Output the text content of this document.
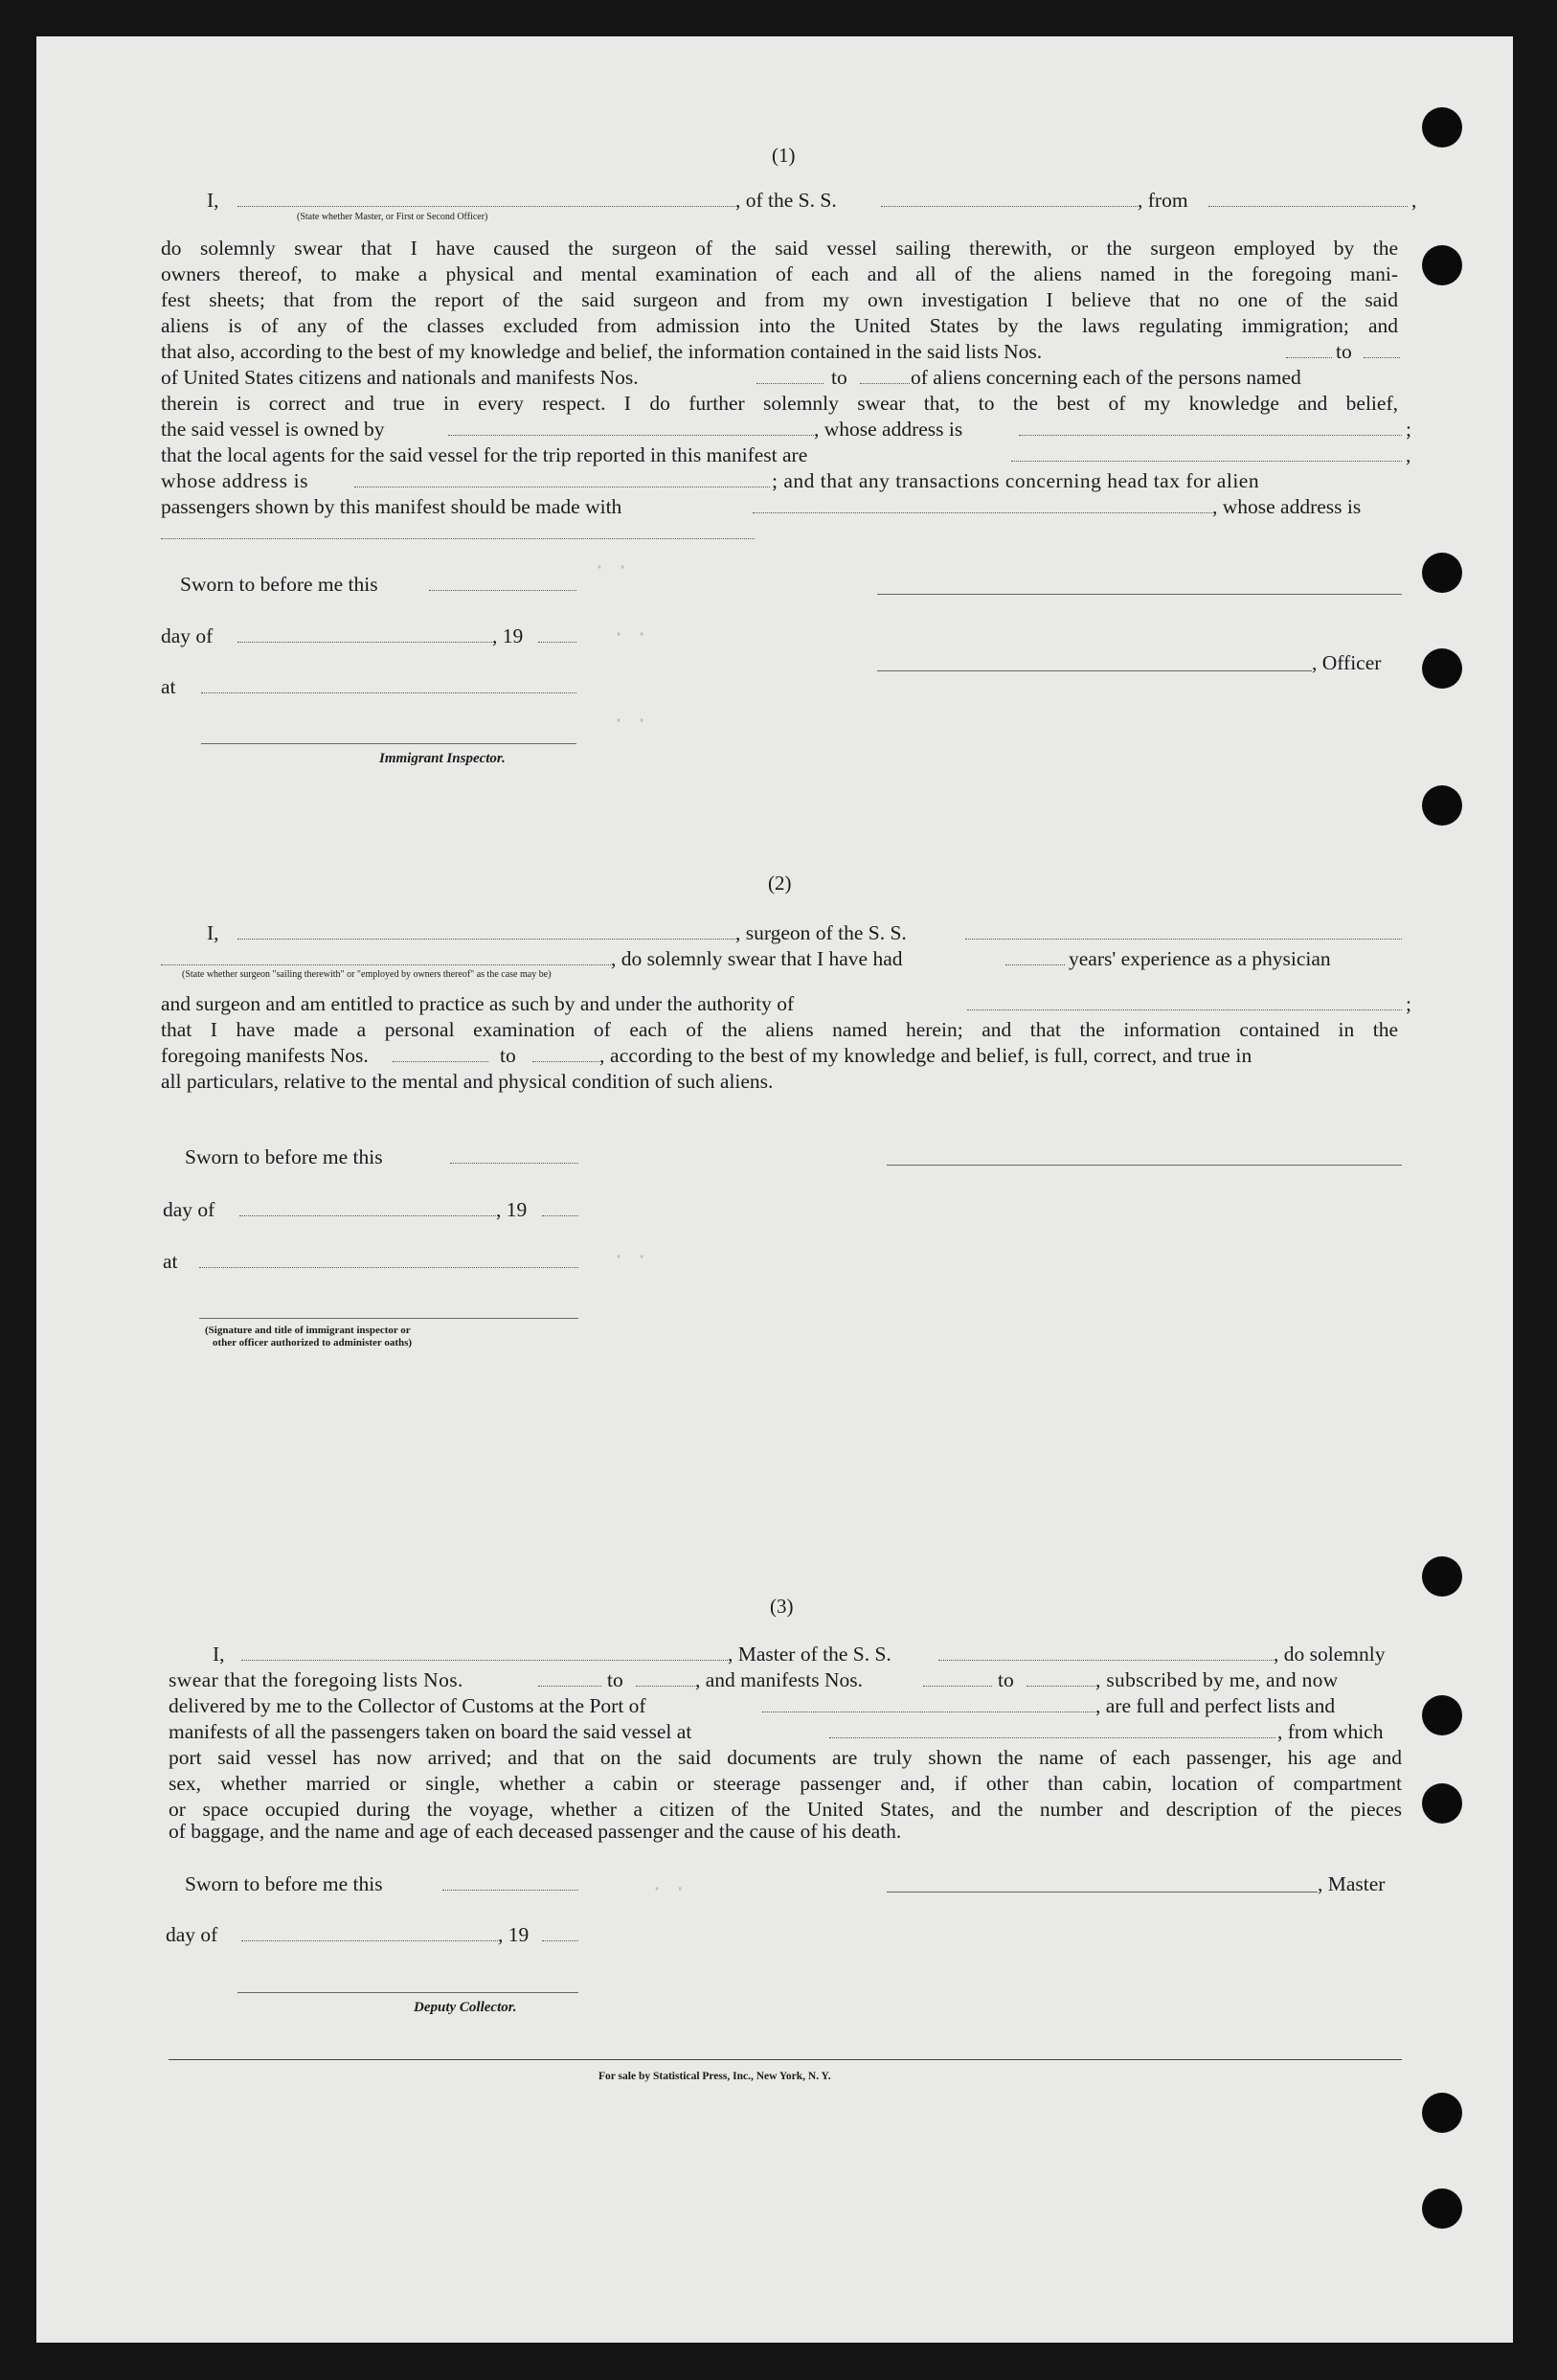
· ·
· ·
· ·
· ·
· ·
(1)
I,	, of the S. S.	, from	,
(State whether Master, or First or Second Officer)
do solemnly swear that I have caused the surgeon of the said vessel sailing therewith, or the surgeon employed by the
owners thereof, to make a physical and mental examination of each and all of the aliens named in the foregoing mani-
fest sheets; that from the report of the said surgeon and from my own investigation I believe that no one of the said
aliens is of any of the classes excluded from admission into the United States by the laws regulating immigration; and
that also, according to the best of my knowledge and belief, the information contained in the said lists Nos.	to
of United States citizens and nationals and manifests Nos.	to	of aliens concerning each of the persons named
therein is correct and true in every respect. I do further solemnly swear that, to the best of my knowledge and belief,
the said vessel is owned by	, whose address is	;
that the local agents for the said vessel for the trip reported in this manifest are	,
whose address is	; and that any transactions concerning head tax for alien
passengers shown by this manifest should be made with	, whose address is
Sworn to before me this
day of	, 19
at
Immigrant Inspector.
, Officer
(2)
I,	, surgeon of the S. S.
, do solemnly swear that I have had	years' experience as a physician
(State whether surgeon "sailing therewith" or "employed by owners thereof" as the case may be)
and surgeon and am entitled to practice as such by and under the authority of	;
that I have made a personal examination of each of the aliens named herein; and that the information contained in the
foregoing manifests Nos.	to	, according to the best of my knowledge and belief, is full, correct, and true in
all particulars, relative to the mental and physical condition of such aliens.
Sworn to before me this
day of	, 19
at
(Signature and title of immigrant inspector or
other officer authorized to administer oaths)
(3)
I,	, Master of the S. S.	, do solemnly
swear that the foregoing lists Nos.	to	, and manifests Nos.	to	, subscribed by me, and now
delivered by me to the Collector of Customs at the Port of	, are full and perfect lists and
manifests of all the passengers taken on board the said vessel at	, from which
port said vessel has now arrived; and that on the said documents are truly shown the name of each passenger, his age and
sex, whether married or single, whether a cabin or steerage passenger and, if other than cabin, location of compartment
or space occupied during the voyage, whether a citizen of the United States, and the number and description of the pieces
of baggage, and the name and age of each deceased passenger and the cause of his death.
Sworn to before me this	, Master
day of	, 19
Deputy Collector.
For sale by Statistical Press, Inc., New York, N. Y.
